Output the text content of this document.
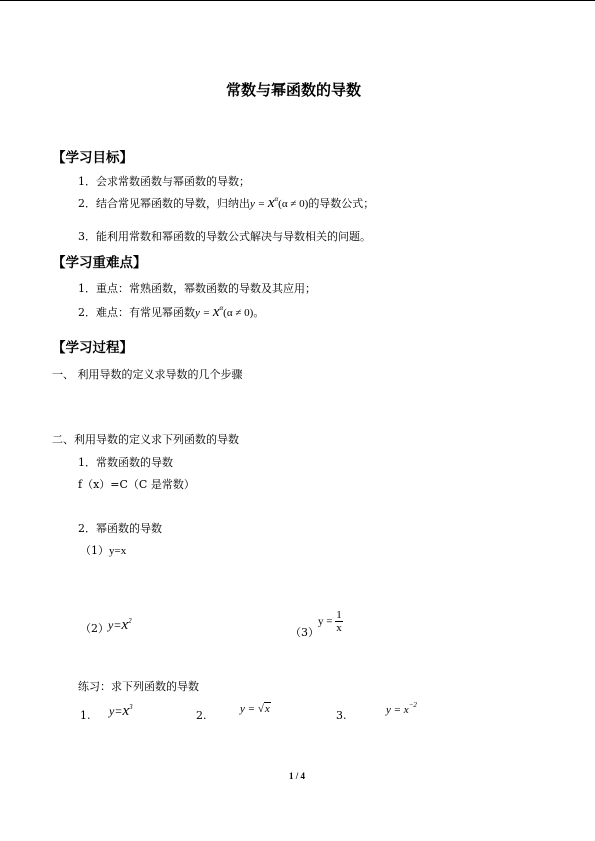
常数与幂函数的导数
【学习目标】
1．会求常数函数与幂函数的导数；
2．结合常见幂函数的导数，归纳出$y = x^\alpha(\alpha \ne 0)$的导数公式；
3．能利用常数和幂函数的导数公式解决与导数相关的问题。
【学习重难点】
1．重点：常熟函数，幂数函数的导数及其应用；
2．难点：有常见幂函数$y = x^\alpha(\alpha \ne 0)$。
【学习过程】
一、 利用导数的定义求导数的几个步骤
二、利用导数的定义求下列函数的导数
1．常数函数的导数
f（x）=C（C 是常数）
2．幂函数的导数
（1）y=x
（2） $y=x^2$
（3）
$y = \frac{1}{x}$
练习：求下列函数的导数
1. $y=x^3$
2.	y = √x	3.	$y = x^{-2}$
1 / 4
